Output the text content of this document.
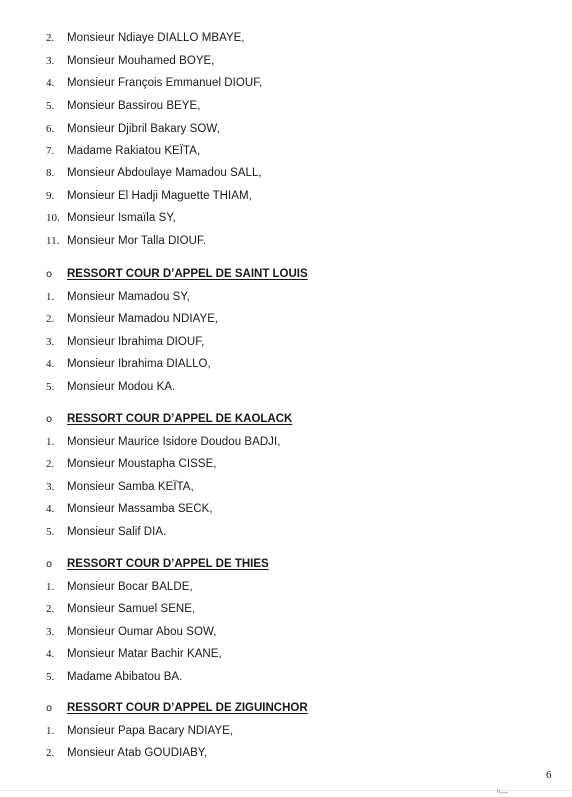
2. Monsieur Ndiaye DIALLO MBAYE,
3. Monsieur Mouhamed BOYE,
4. Monsieur François Emmanuel DIOUF,
5. Monsieur Bassirou BEYE,
6. Monsieur Djibril Bakary SOW,
7. Madame Rakiatou KEÏTA,
8. Monsieur Abdoulaye Mamadou SALL,
9. Monsieur El Hadji Maguette THIAM,
10. Monsieur Ismaïla SY,
11. Monsieur Mor Talla DIOUF.
o RESSORT COUR D’APPEL DE SAINT LOUIS
1. Monsieur Mamadou SY,
2. Monsieur Mamadou NDIAYE,
3. Monsieur Ibrahima DIOUF,
4. Monsieur Ibrahima DIALLO,
5. Monsieur Modou KA.
o RESSORT COUR D’APPEL DE KAOLACK
1. Monsieur Maurice Isidore Doudou BADJI,
2. Monsieur Moustapha CISSE,
3. Monsieur Samba KEÏTA,
4. Monsieur Massamba SECK,
5. Monsieur Salif DIA.
o RESSORT COUR D’APPEL DE THIES
1. Monsieur Bocar BALDE,
2. Monsieur Samuel SENE,
3. Monsieur Oumar Abou SOW,
4. Monsieur Matar Bachir KANE,
5. Madame Abibatou BA.
o RESSORT COUR D’APPEL DE ZIGUINCHOR
1. Monsieur Papa Bacary NDIAYE,
2. Monsieur Atab GOUDIABY,
6
ʰ—
